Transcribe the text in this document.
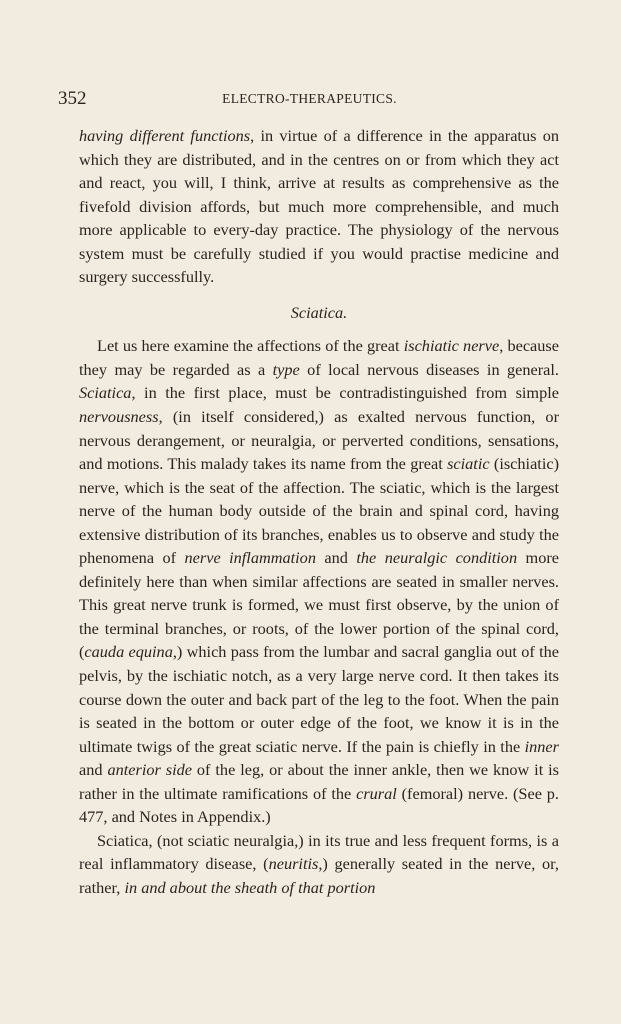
352	ELECTRO-THERAPEUTICS.

having different functions, in virtue of a difference in the apparatus on which they are distributed, and in the centres on or from which they act and react, you will, I think, arrive at results as comprehensive as the fivefold division affords, but much more comprehensible, and much more applicable to every-day practice. The physiology of the nervous system must be carefully studied if you would practise medicine and surgery successfully.

Sciatica.

Let us here examine the affections of the great ischiatic nerve, because they may be regarded as a type of local nervous diseases in general. Sciatica, in the first place, must be contradistinguished from simple nervousness, (in itself considered,) as exalted nervous function, or nervous derangement, or neuralgia, or perverted conditions, sensations, and motions. This malady takes its name from the great sciatic (ischiatic) nerve, which is the seat of the affection. The sciatic, which is the largest nerve of the human body outside of the brain and spinal cord, having extensive distribution of its branches, enables us to observe and study the phenomena of nerve inflammation and the neuralgic condition more definitely here than when similar affections are seated in smaller nerves. This great nerve trunk is formed, we must first observe, by the union of the terminal branches, or roots, of the lower portion of the spinal cord, (cauda equina,) which pass from the lumbar and sacral ganglia out of the pelvis, by the ischiatic notch, as a very large nerve cord. It then takes its course down the outer and back part of the leg to the foot. When the pain is seated in the bottom or outer edge of the foot, we know it is in the ultimate twigs of the great sciatic nerve. If the pain is chiefly in the inner and anterior side of the leg, or about the inner ankle, then we know it is rather in the ultimate ramifications of the crural (femoral) nerve. (See p. 477, and Notes in Appendix.)

Sciatica, (not sciatic neuralgia,) in its true and less frequent forms, is a real inflammatory disease, (neuritis,) generally seated in the nerve, or, rather, in and about the sheath of that portion
